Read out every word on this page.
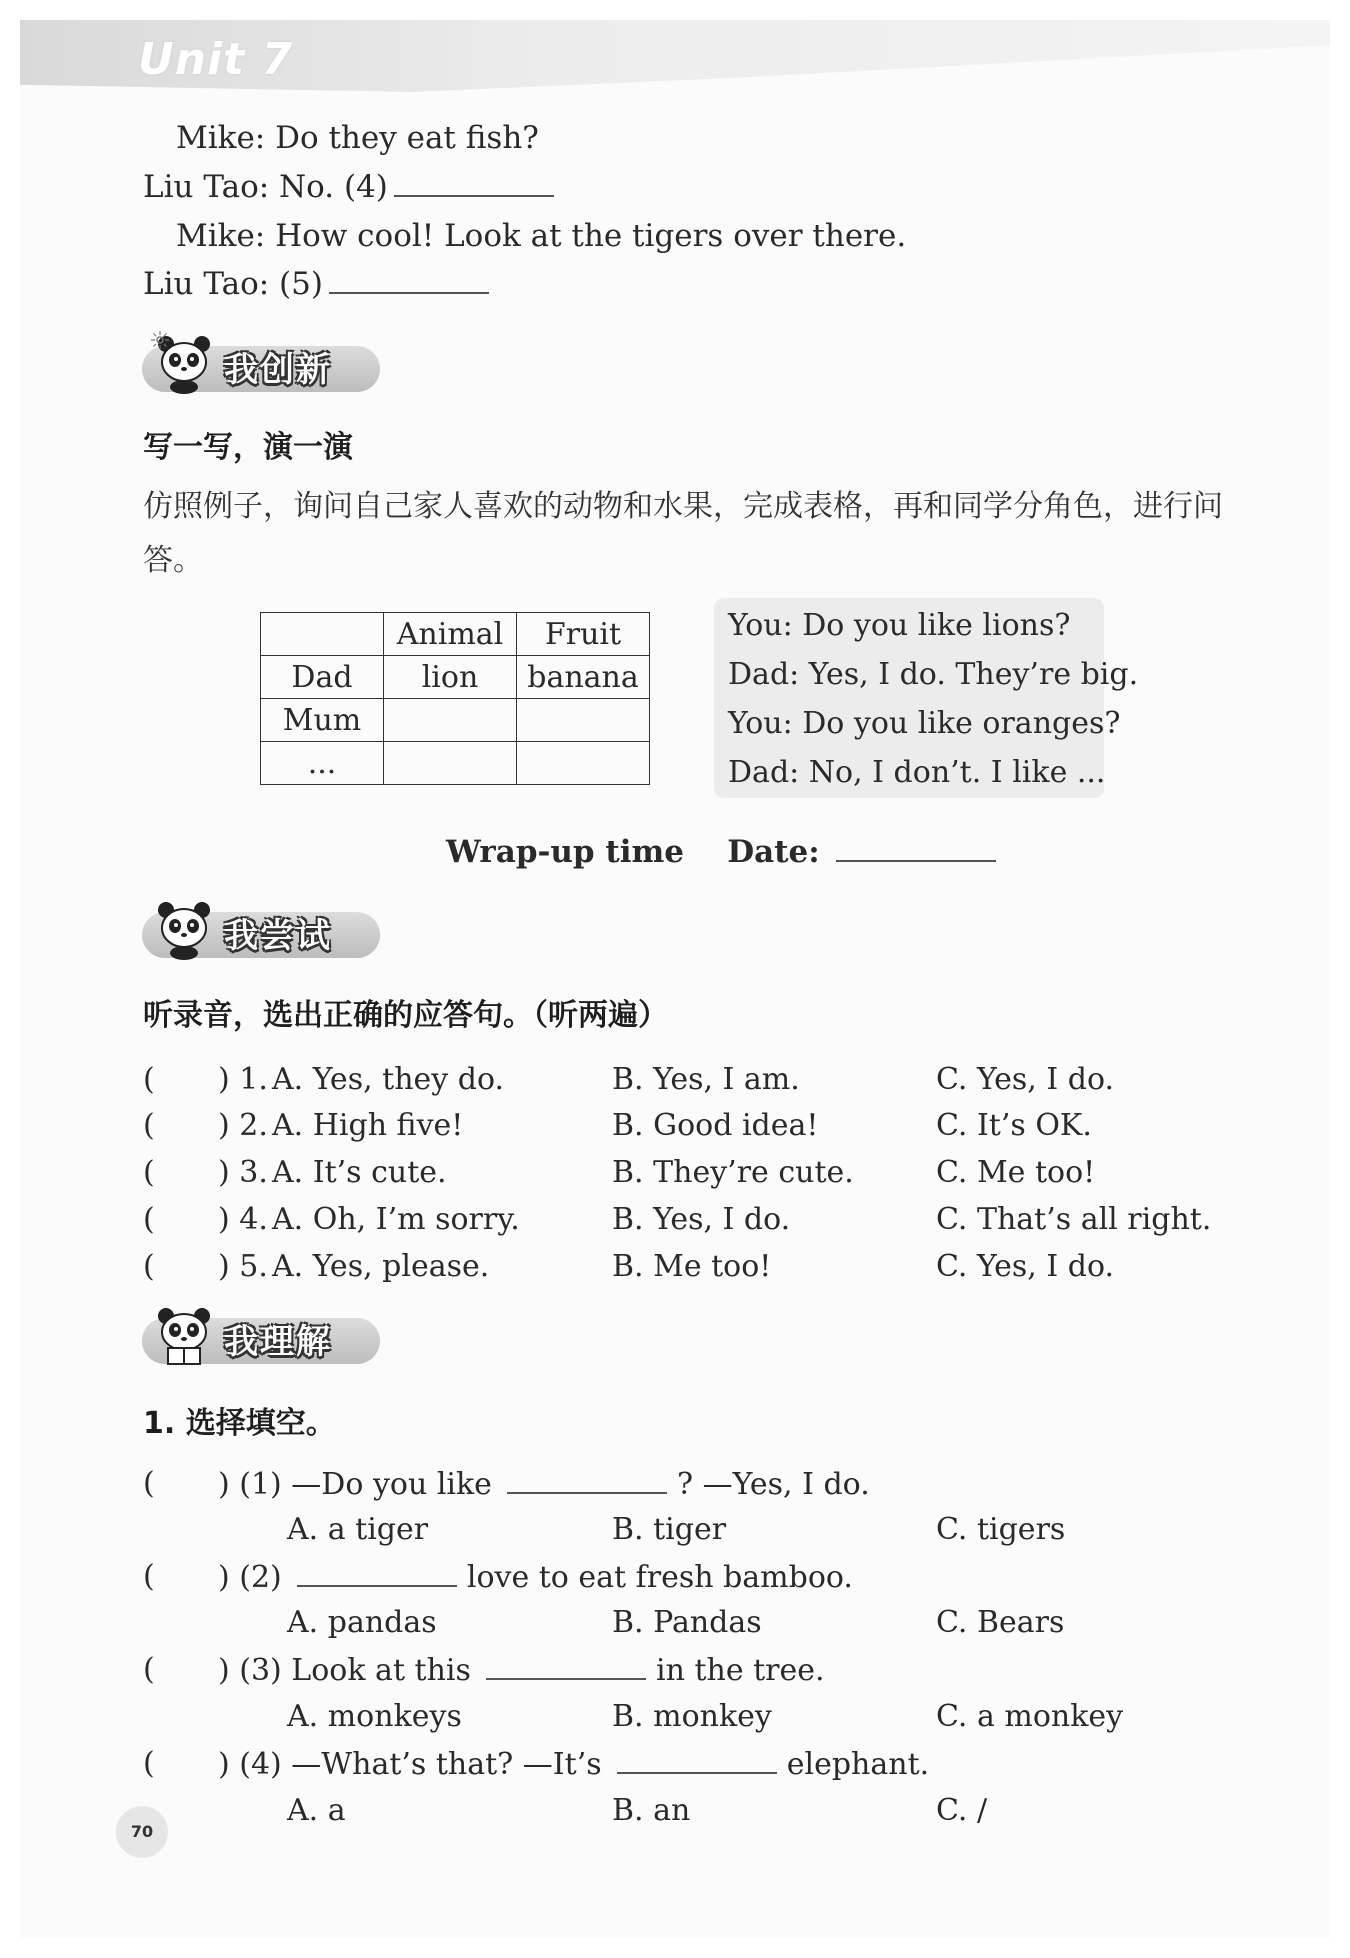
Unit 7
Mike: Do they eat fish?
Liu Tao: No. (4)
Mike: How cool! Look at the tigers over there.
Liu Tao: (5)
我创新
写一写，演一演
仿照例子，询问自己家人喜欢的动物和水果，完成表格，再和同学分角色，进行问答。
	Animal	Fruit
Dad	lion	banana
Mum		
...		
You: Do you like lions?
Dad: Yes, I do. They’re big.
You: Do you like oranges?
Dad: No, I don’t. I like ...
Wrap-up time Date:
我尝试
听录音，选出正确的应答句。（听两遍）
( ) 1. A. Yes, they do.	B. Yes, I am.	C. Yes, I do.
( ) 2. A. High five!	B. Good idea!	C. It’s OK.
( ) 3. A. It’s cute.	B. They’re cute.	C. Me too!
( ) 4. A. Oh, I’m sorry.	B. Yes, I do.	C. That’s all right.
( ) 5. A. Yes, please.	B. Me too!	C. Yes, I do.
我理解
1. 选择填空。
( ) (1) —Do you like	? —Yes, I do.
A. a tiger	B. tiger	C. tigers
( ) (2)	love to eat fresh bamboo.
A. pandas	B. Pandas	C. Bears
( ) (3) Look at this	in the tree.
A. monkeys	B. monkey	C. a monkey
( ) (4) —What’s that? —It’s	elephant.
A. a	B. an	C. /
70
